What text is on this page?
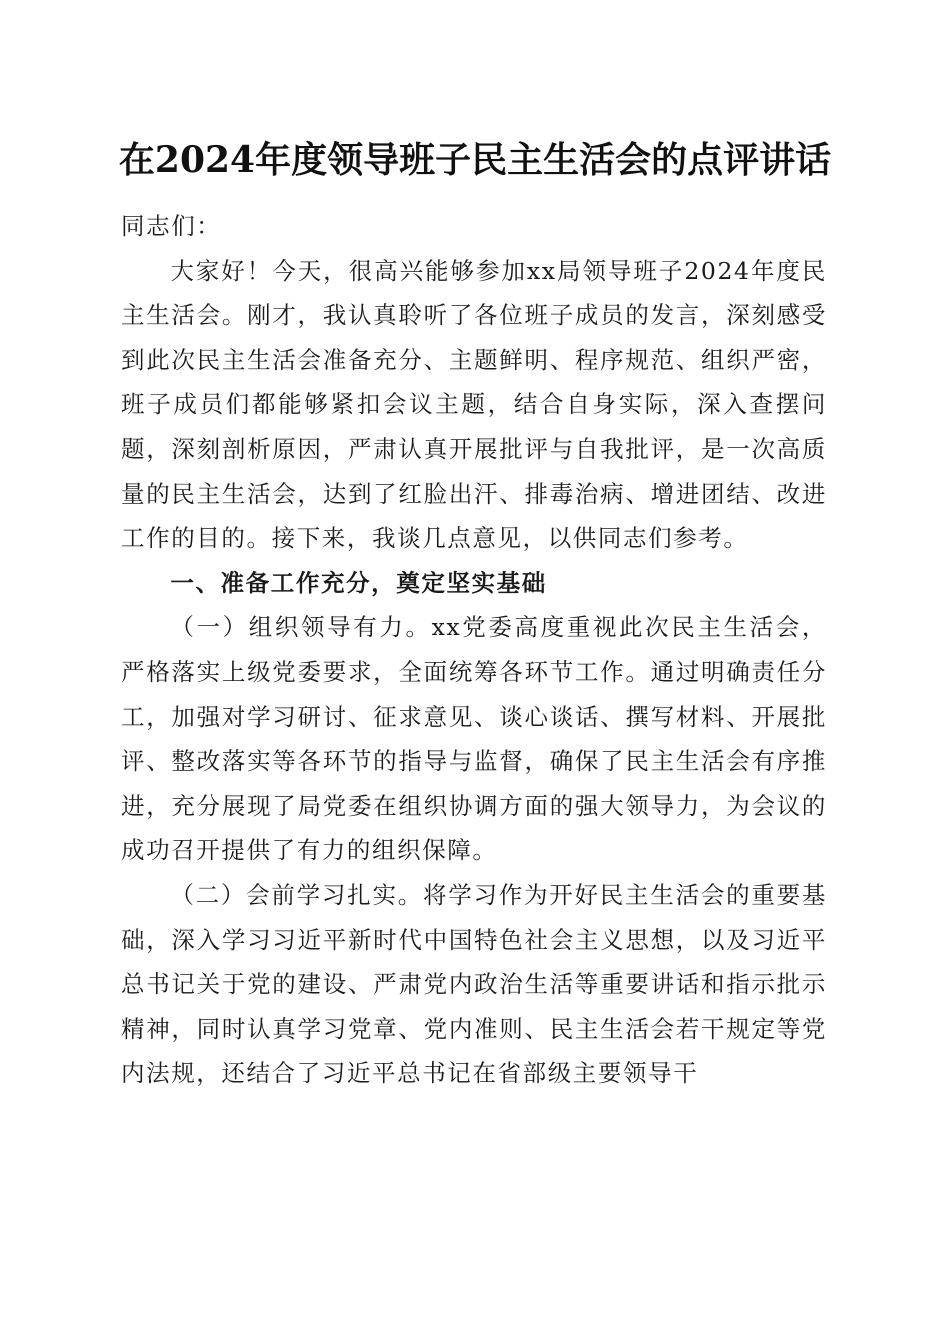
在2024年度领导班子民主生活会的点评讲话

同志们：

大家好！今天，很高兴能够参加xx局领导班子2024年度民主生活会。刚才，我认真聆听了各位班子成员的发言，深刻感受到此次民主生活会准备充分、主题鲜明、程序规范、组织严密，班子成员们都能够紧扣会议主题，结合自身实际，深入查摆问题，深刻剖析原因，严肃认真开展批评与自我批评，是一次高质量的民主生活会，达到了红脸出汗、排毒治病、增进团结、改进工作的目的。接下来，我谈几点意见，以供同志们参考。

一、准备工作充分，奠定坚实基础

（一）组织领导有力。xx党委高度重视此次民主生活会，严格落实上级党委要求，全面统筹各环节工作。通过明确责任分工，加强对学习研讨、征求意见、谈心谈话、撰写材料、开展批评、整改落实等各环节的指导与监督，确保了民主生活会有序推进，充分展现了局党委在组织协调方面的强大领导力，为会议的成功召开提供了有力的组织保障。

（二）会前学习扎实。将学习作为开好民主生活会的重要基础，深入学习习近平新时代中国特色社会主义思想，以及习近平总书记关于党的建设、严肃党内政治生活等重要讲话和指示批示精神，同时认真学习党章、党内准则、民主生活会若干规定等党内法规，还结合了习近平总书记在省部级主要领导干
